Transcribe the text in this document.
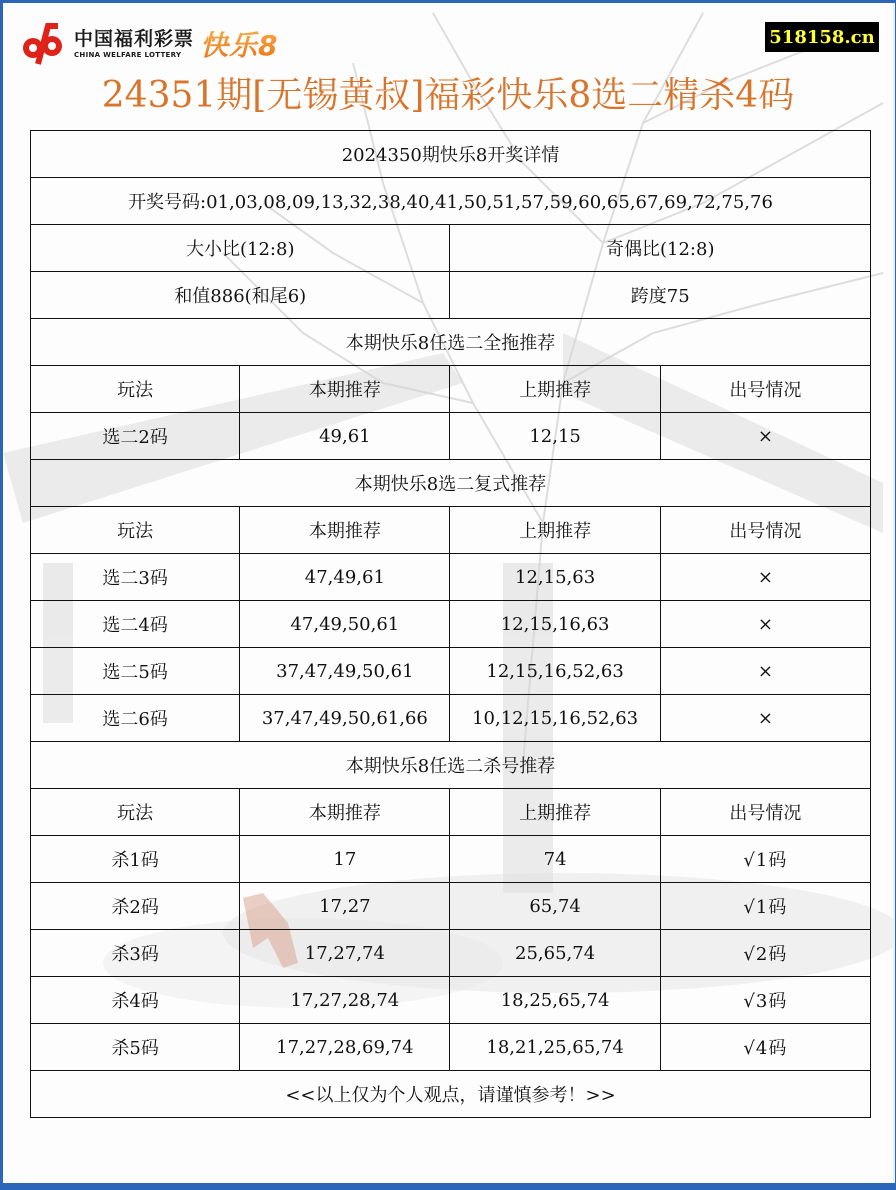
中国福利彩票
CHINA WELFARE LOTTERY 快乐8	518158.cn
24351期[无锡黄叔]福彩快乐8选二精杀4码
2024350期快乐8开奖详情			
开奖号码:01,03,08,09,13,32,38,40,41,50,51,57,59,60,65,67,69,72,75,76			
大小比(12:8)		奇偶比(12:8)	
和值886(和尾6)		跨度75	
本期快乐8任选二全拖推荐			
玩法	本期推荐	上期推荐	出号情况
选二2码	49,61	12,15	×
本期快乐8选二复式推荐			
玩法	本期推荐	上期推荐	出号情况
选二3码	47,49,61	12,15,63	×
选二4码	47,49,50,61	12,15,16,63	×
选二5码	37,47,49,50,61	12,15,16,52,63	×
选二6码	37,47,49,50,61,66	10,12,15,16,52,63	×
本期快乐8任选二杀号推荐			
玩法	本期推荐	上期推荐	出号情况
杀1码	17	74	√1码
杀2码	17,27	65,74	√1码
杀3码	17,27,74	25,65,74	√2码
杀4码	17,27,28,74	18,25,65,74	√3码
杀5码	17,27,28,69,74	18,21,25,65,74	√4码
<<以上仅为个人观点，请谨慎参考！>>			
